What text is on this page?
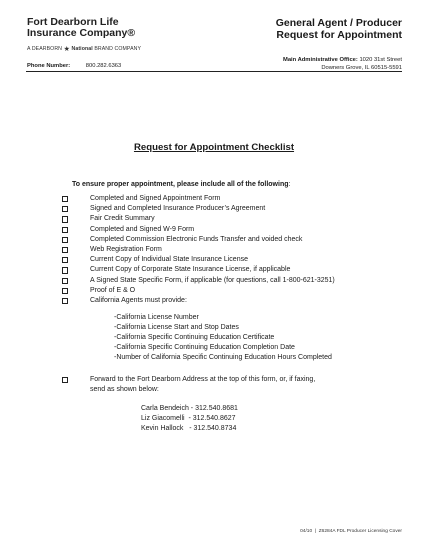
Fort Dearborn Life
Insurance Company®
A DEARBORN ★ National BRAND COMPANY
Phone Number:	800.282.6363
General Agent / Producer
Request for Appointment
Main Administrative Office: 1020 31st Street
Downers Grove, IL 60515-5591
Request for Appointment Checklist
To ensure proper appointment, please include all of the following:
Completed and Signed Appointment Form
Signed and Completed Insurance Producer’s Agreement
Fair Credit Summary
Completed and Signed W-9 Form
Completed Commission Electronic Funds Transfer and voided check
Web Registration Form
Current Copy of Individual State Insurance License
Current Copy of Corporate State Insurance License, if applicable
A Signed State Specific Form, if applicable (for questions, call 1-800-621-3251)
Proof of E & O
California Agents must provide:
-California License Number
-California License Start and Stop Dates
-California Specific Continuing Education Certificate
-California Specific Continuing Education Completion Date
-Number of California Specific Continuing Education Hours Completed
Forward to the Fort Dearborn Address at the top of this form, or, if faxing,
send as shown below:
Carla Bendeich - 312.540.8681
Liz Giacomelli  - 312.540.8627
Kevin Hallock   - 312.540.8734
04/10  |  Z6284A FDL Producer Licensing Cover
